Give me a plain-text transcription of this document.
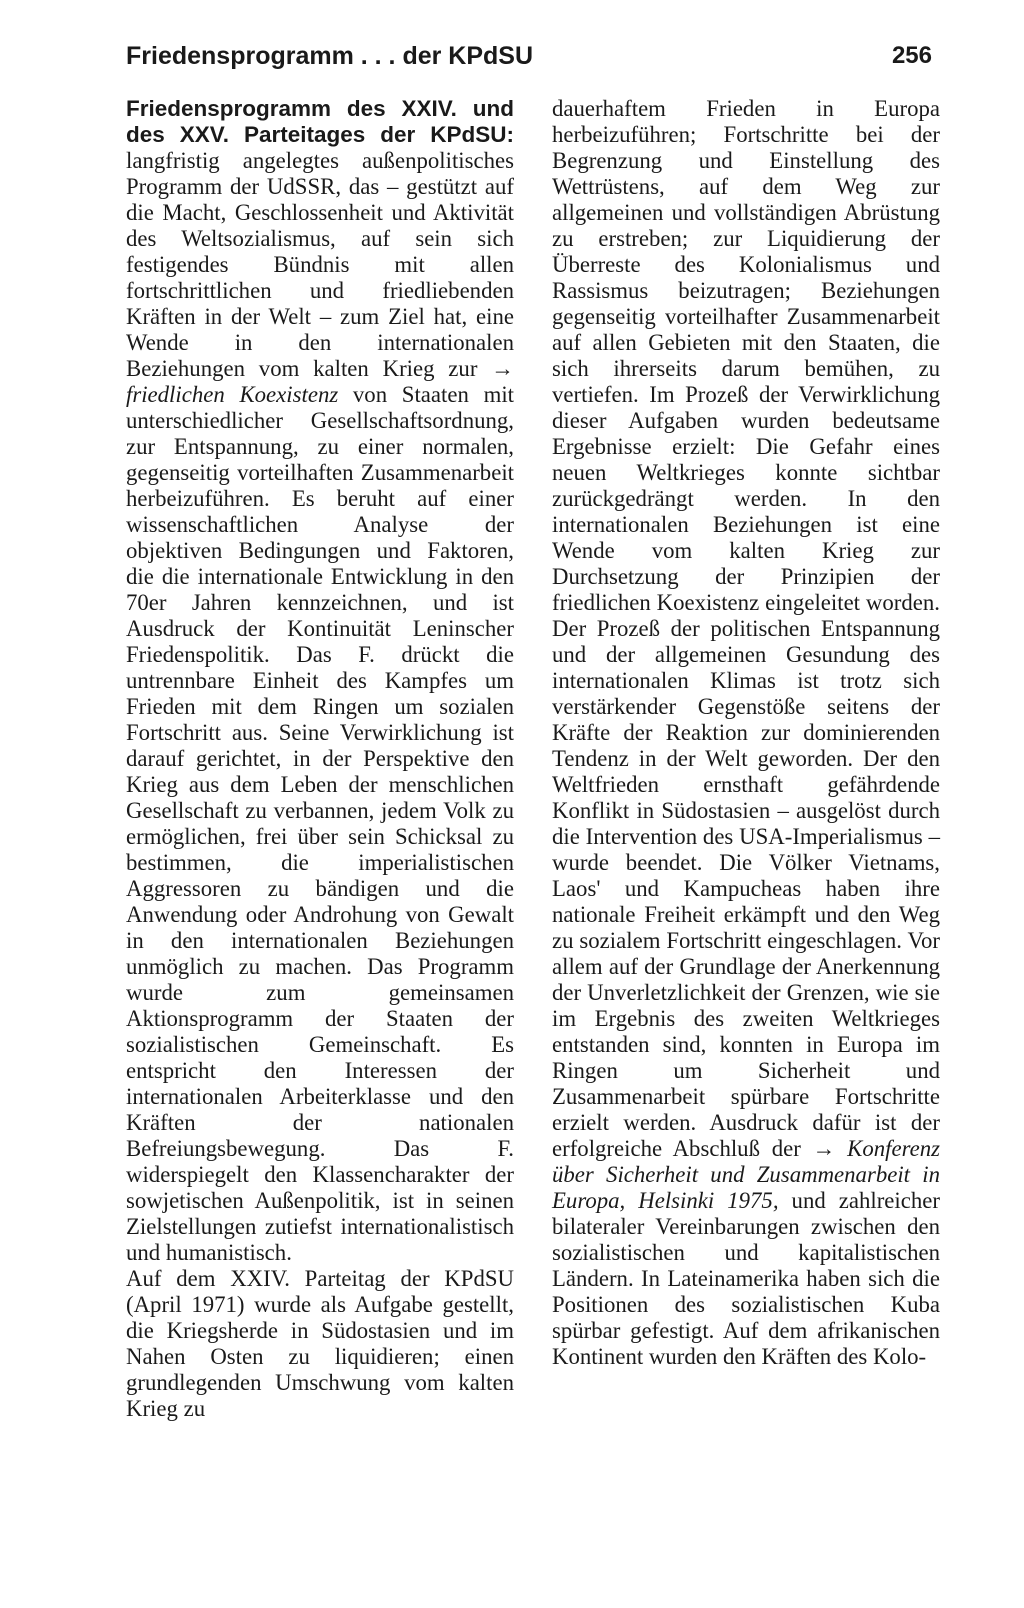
Friedensprogramm . . . der KPdSU	256

Friedensprogramm des XXIV. und des XXV. Parteitages der KPdSU: langfristig angelegtes außenpolitisches Programm der UdSSR, das – gestützt auf die Macht, Geschlossenheit und Aktivität des Weltsozialismus, auf sein sich festigendes Bündnis mit allen fortschrittlichen und friedliebenden Kräften in der Welt – zum Ziel hat, eine Wende in den internationalen Beziehungen vom kalten Krieg zur → friedlichen Koexistenz von Staaten mit unterschiedlicher Gesellschaftsordnung, zur Entspannung, zu einer normalen, gegenseitig vorteilhaften Zusammenarbeit herbeizuführen. Es beruht auf einer wissenschaftlichen Analyse der objektiven Bedingungen und Faktoren, die die internationale Entwicklung in den 70er Jahren kennzeichnen, und ist Ausdruck der Kontinuität Leninscher Friedenspolitik. Das F. drückt die untrennbare Einheit des Kampfes um Frieden mit dem Ringen um sozialen Fortschritt aus. Seine Verwirklichung ist darauf gerichtet, in der Perspektive den Krieg aus dem Leben der menschlichen Gesellschaft zu verbannen, jedem Volk zu ermöglichen, frei über sein Schicksal zu bestimmen, die imperialistischen Aggressoren zu bändigen und die Anwendung oder Androhung von Gewalt in den internationalen Beziehungen unmöglich zu machen. Das Programm wurde zum gemeinsamen Aktionsprogramm der Staaten der sozialistischen Gemeinschaft. Es entspricht den Interessen der internationalen Arbeiterklasse und den Kräften der nationalen Befreiungsbewegung. Das F. widerspiegelt den Klassencharakter der sowjetischen Außenpolitik, ist in seinen Zielstellungen zutiefst internationalistisch und humanistisch.

Auf dem XXIV. Parteitag der KPdSU (April 1971) wurde als Aufgabe gestellt, die Kriegsherde in Südostasien und im Nahen Osten zu liquidieren; einen grundlegenden Umschwung vom kalten Krieg zu

dauerhaftem Frieden in Europa herbeizuführen; Fortschritte bei der Begrenzung und Einstellung des Wettrüstens, auf dem Weg zur allgemeinen und vollständigen Abrüstung zu erstreben; zur Liquidierung der Überreste des Kolonialismus und Rassismus beizutragen; Beziehungen gegenseitig vorteilhafter Zusammenarbeit auf allen Gebieten mit den Staaten, die sich ihrerseits darum bemühen, zu vertiefen. Im Prozeß der Verwirklichung dieser Aufgaben wurden bedeutsame Ergebnisse erzielt: Die Gefahr eines neuen Weltkrieges konnte sichtbar zurückgedrängt werden. In den internationalen Beziehungen ist eine Wende vom kalten Krieg zur Durchsetzung der Prinzipien der friedlichen Koexistenz eingeleitet worden. Der Prozeß der politischen Entspannung und der allgemeinen Gesundung des internationalen Klimas ist trotz sich verstärkender Gegenstöße seitens der Kräfte der Reaktion zur dominierenden Tendenz in der Welt geworden. Der den Weltfrieden ernsthaft gefährdende Konflikt in Südostasien – ausgelöst durch die Intervention des USA-Imperialismus – wurde beendet. Die Völker Vietnams, Laos' und Kampucheas haben ihre nationale Freiheit erkämpft und den Weg zu sozialem Fortschritt eingeschlagen. Vor allem auf der Grundlage der Anerkennung der Unverletzlichkeit der Grenzen, wie sie im Ergebnis des zweiten Weltkrieges entstanden sind, konnten in Europa im Ringen um Sicherheit und Zusammenarbeit spürbare Fortschritte erzielt werden. Ausdruck dafür ist der erfolgreiche Abschluß der → Konferenz über Sicherheit und Zusammenarbeit in Europa, Helsinki 1975, und zahlreicher bilateraler Vereinbarungen zwischen den sozialistischen und kapitalistischen Ländern. In Lateinamerika haben sich die Positionen des sozialistischen Kuba spürbar gefestigt. Auf dem afrikanischen Kontinent wurden den Kräften des Kolo-
